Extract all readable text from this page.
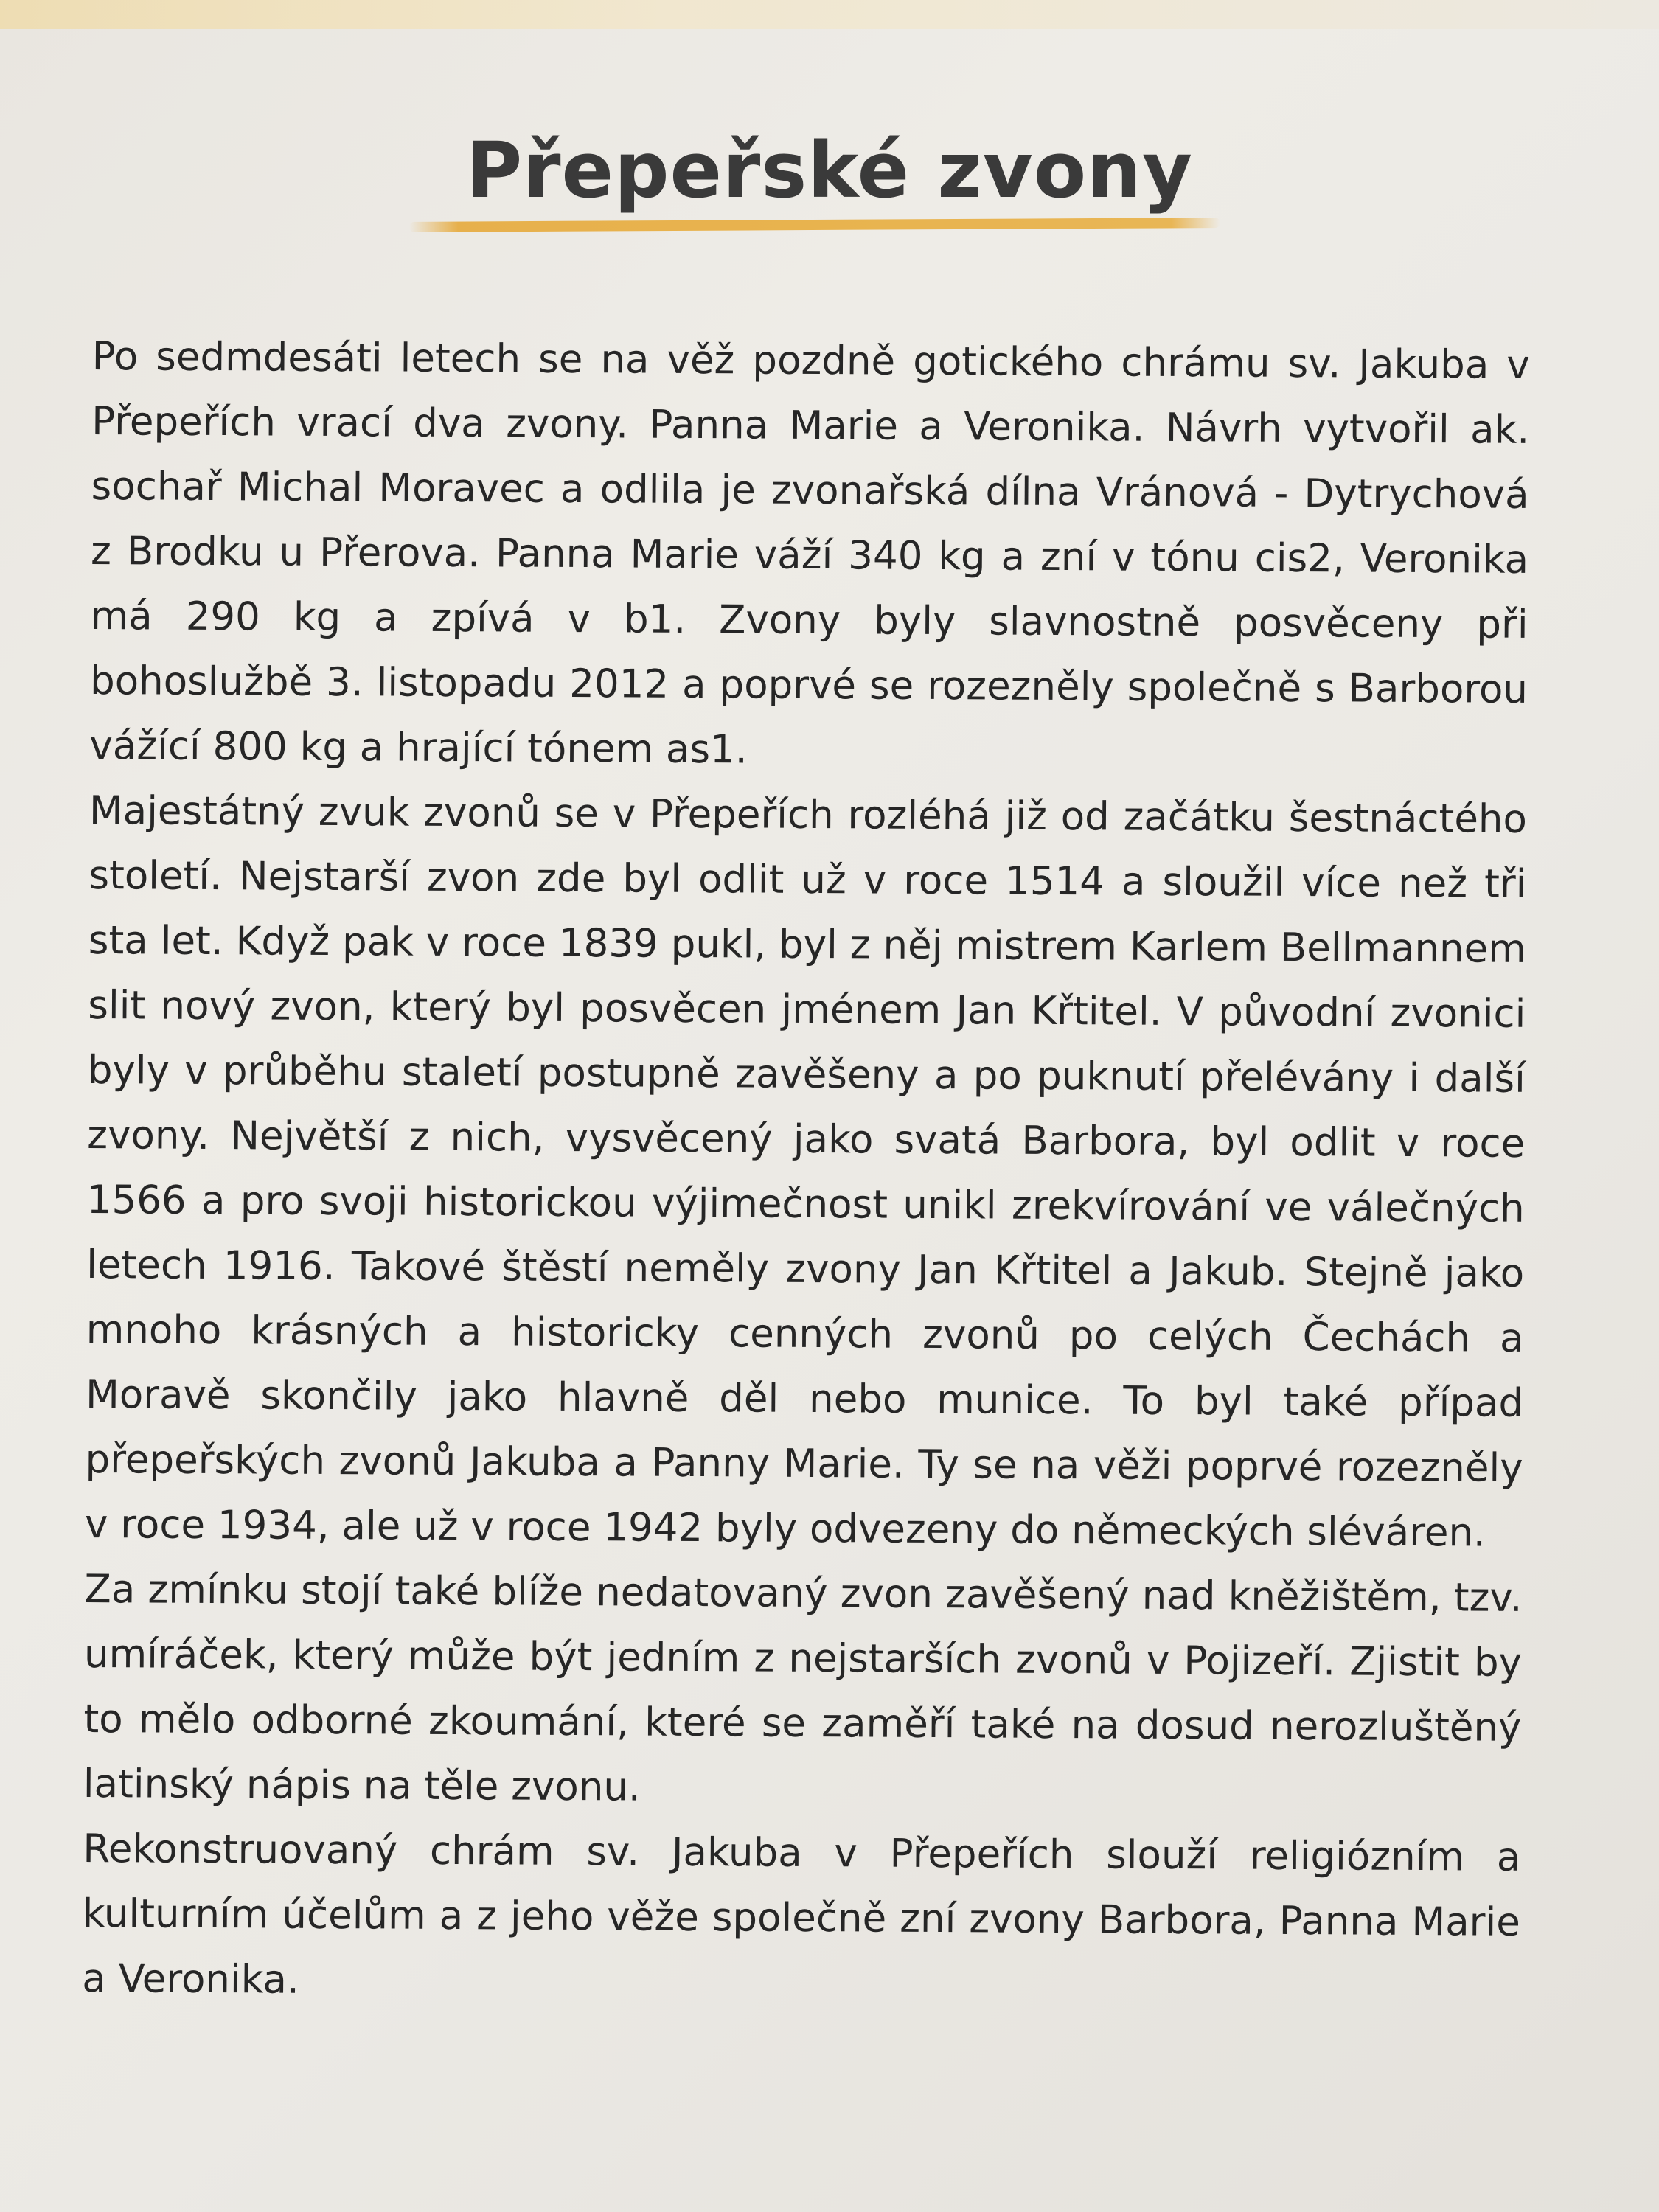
Přepeřské zvony

Po sedmdesáti letech se na věž pozdně gotického chrámu sv. Jakuba v Přepeřích vrací dva zvony. Panna Marie a Veronika. Návrh vytvořil ak. sochař Michal Moravec a odlila je zvonařská dílna Vránová - Dytrychová z Brodku u Přerova. Panna Marie váží 340 kg a zní v tónu cis2, Veronika má 290 kg a zpívá v b1. Zvony byly slavnostně posvěceny při bohoslužbě 3. listopadu 2012 a poprvé se rozezněly společně s Barborou vážící 800 kg a hrající tónem as1.

Majestátný zvuk zvonů se v Přepeřích rozléhá již od začátku šestnáctého století. Nejstarší zvon zde byl odlit už v roce 1514 a sloužil více než tři sta let. Když pak v roce 1839 pukl, byl z něj mistrem Karlem Bellmannem slit nový zvon, který byl posvěcen jménem Jan Křtitel. V původní zvonici byly v průběhu staletí postupně zavěšeny a po puknutí přelévány i další zvony. Největší z nich, vysvěcený jako svatá Barbora, byl odlit v roce 1566 a pro svoji historickou výjimečnost unikl zrekvírování ve válečných letech 1916. Takové štěstí neměly zvony Jan Křtitel a Jakub. Stejně jako mnoho krásných a historicky cenných zvonů po celých Čechách a Moravě skončily jako hlavně děl nebo munice. To byl také případ přepeřských zvonů Jakuba a Panny Marie. Ty se na věži poprvé rozezněly v roce 1934, ale už v roce 1942 byly odvezeny do německých sléváren.

Za zmínku stojí také blíže nedatovaný zvon zavěšený nad kněžištěm, tzv. umíráček, který může být jedním z nejstarších zvonů v Pojizeří. Zjistit by to mělo odborné zkoumání, které se zaměří také na dosud nerozluštěný latinský nápis na těle zvonu.

Rekonstruovaný chrám sv. Jakuba v Přepeřích slouží religiózním a kulturním účelům a z jeho věže společně zní zvony Barbora, Panna Marie a Veronika.
